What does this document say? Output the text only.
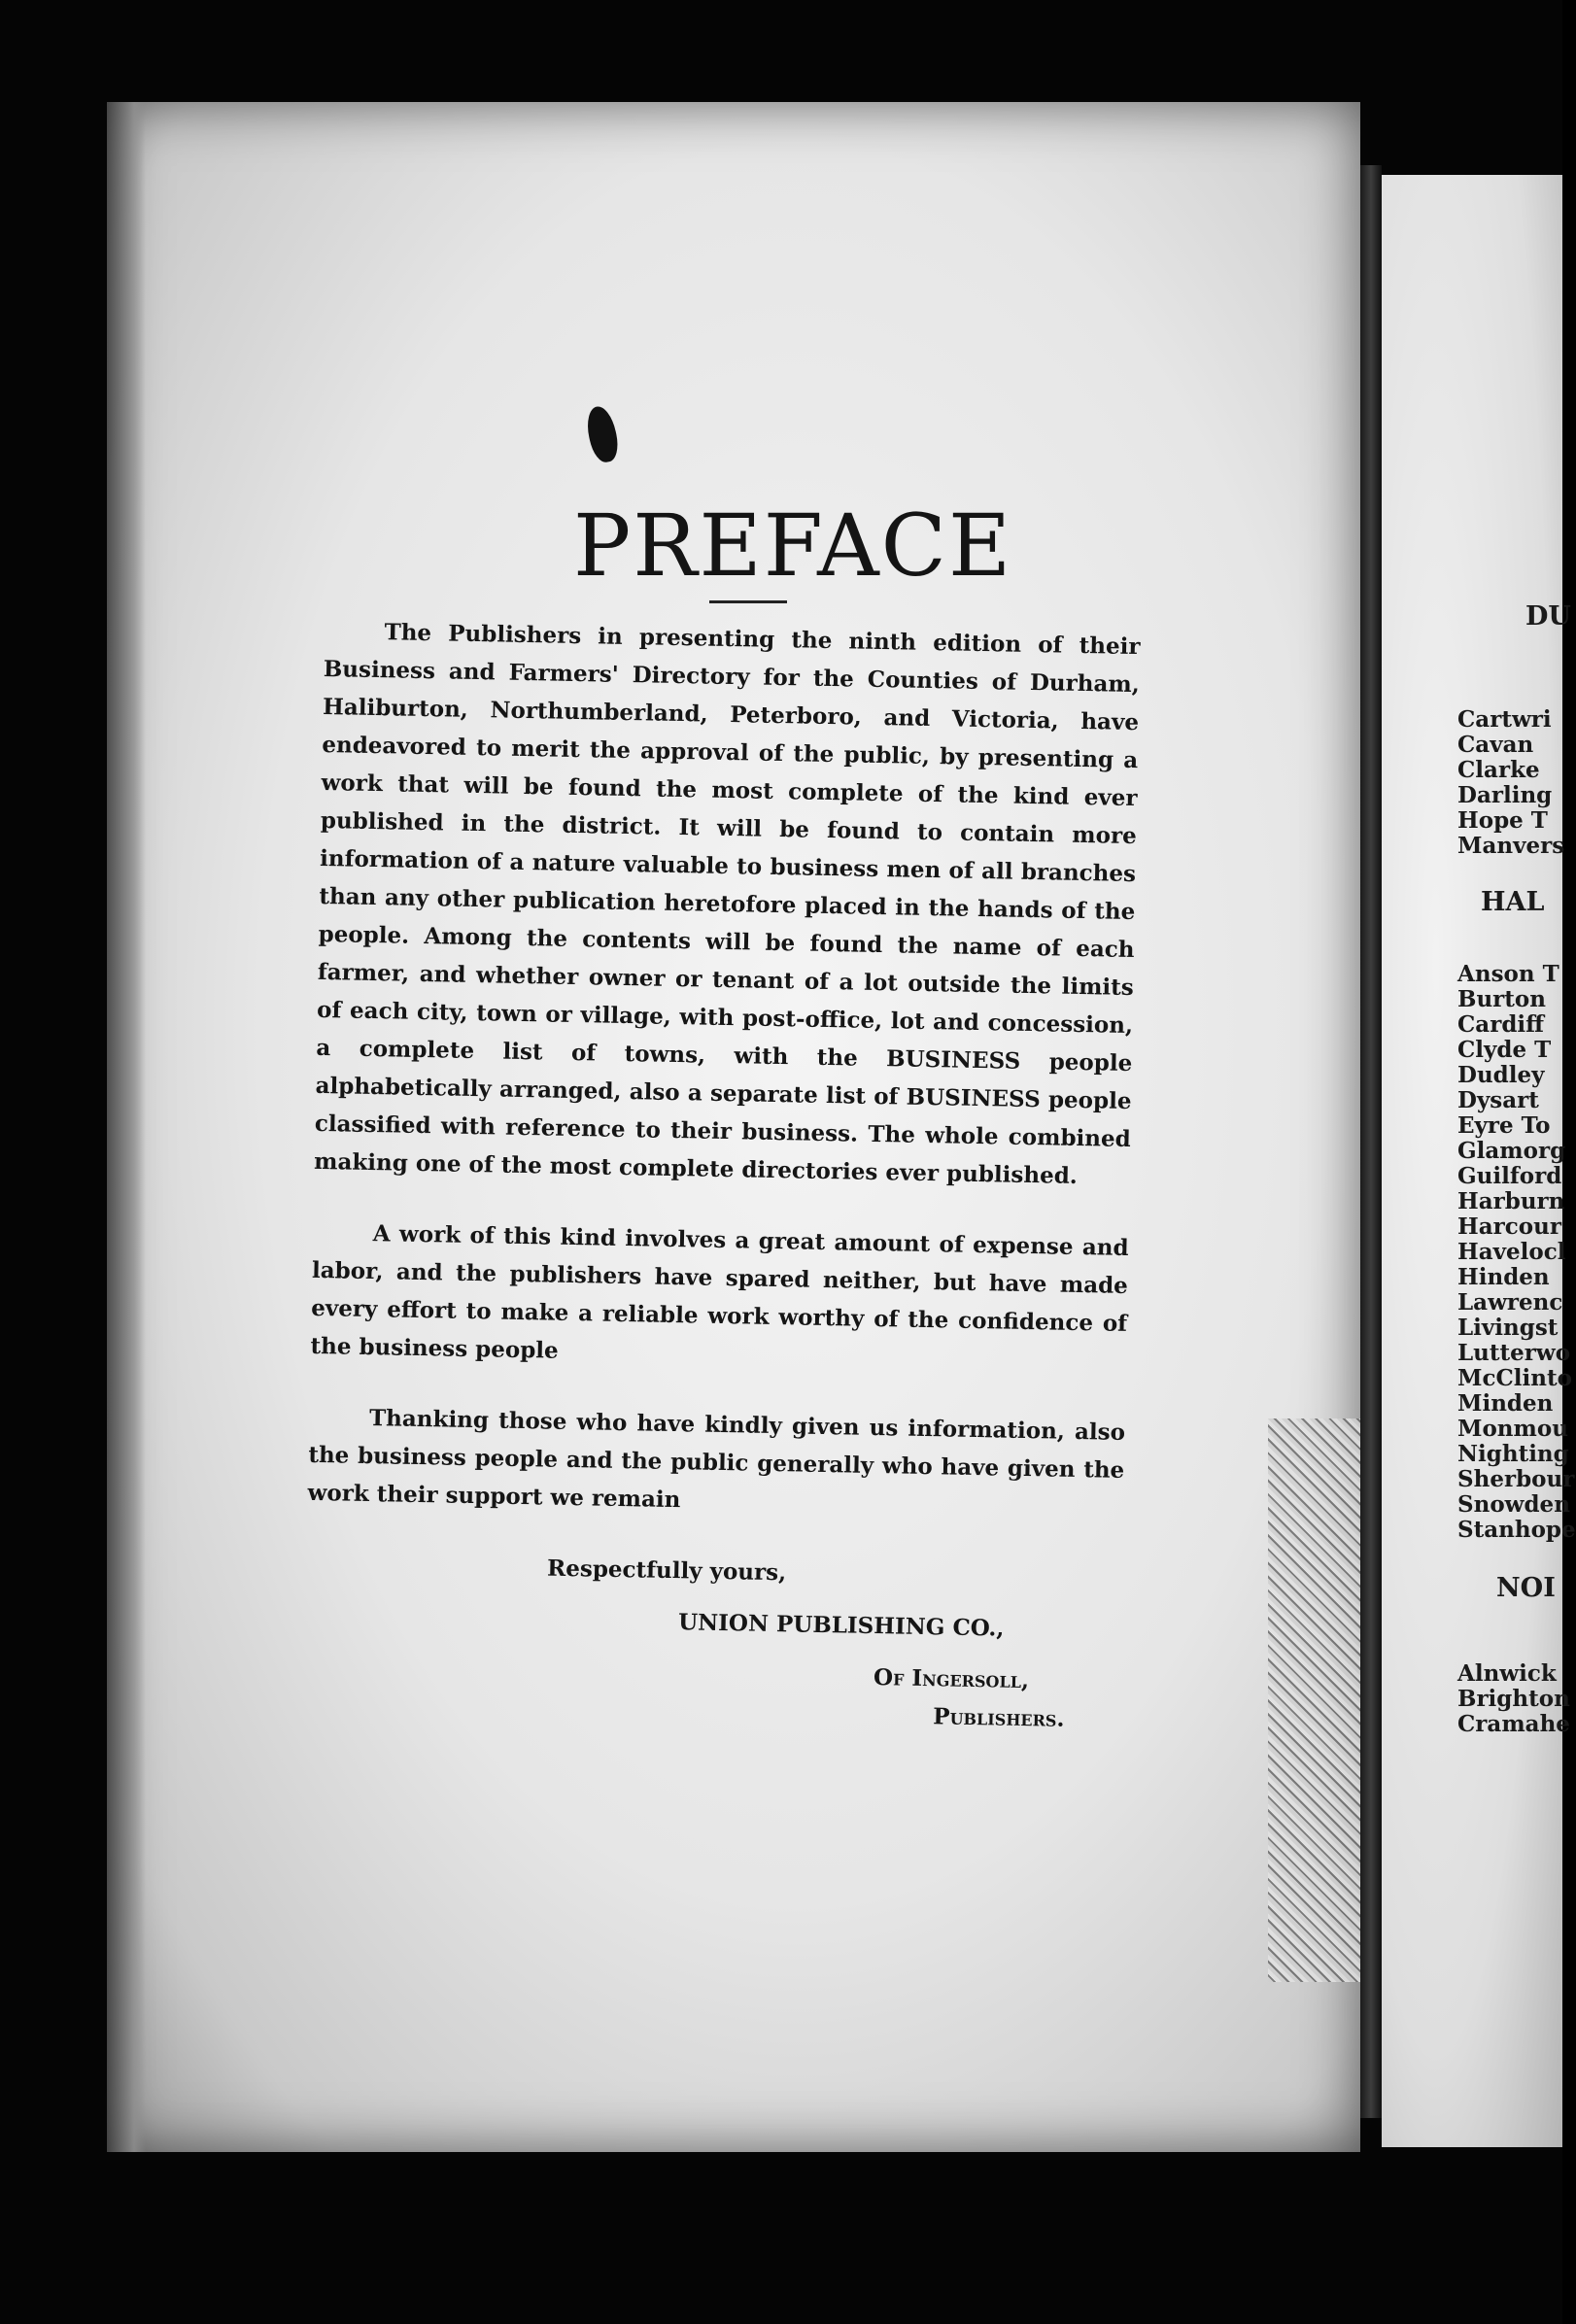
PREFACE

The Publishers in presenting the ninth edition of their Business and Farmers' Directory for the Counties of Durham, Haliburton, Northumberland, Peterboro, and Victoria, have endeavored to merit the approval of the public, by presenting a work that will be found the most complete of the kind ever published in the district. It will be found to contain more information of a nature valuable to business men of all branches than any other publication heretofore placed in the hands of the people. Among the contents will be found the name of each farmer, and whether owner or tenant of a lot outside the limits of each city, town or village, with post-office, lot and concession, a complete list of towns, with the BUSINESS people alphabetically arranged, also a separate list of BUSINESS people classified with reference to their business. The whole combined making one of the most complete directories ever published.

A work of this kind involves a great amount of expense and labor, and the publishers have spared neither, but have made every effort to make a reliable work worthy of the confidence of the business people

Thanking those who have kindly given us information, also the business people and the public generally who have given the work their support we remain

Respectfully yours,
UNION PUBLISHING CO.,
Of Ingersoll,
Publishers.

DU

Cartwri

Cavan

Clarke

Darling

Hope T

Manvers

HAL

Anson T

Burton

Cardiff

Clyde T

Dudley

Dysart

Eyre To

Glamorg

Guilford

Harburn

Harcour

Havelocl

Hinden

Lawrenc

Livingst

Lutterwo

McClinto

Minden

Monmou

Nighting

Sherbour

Snowden

Stanhope

NOI

Alnwick

Brighton

Cramahe
